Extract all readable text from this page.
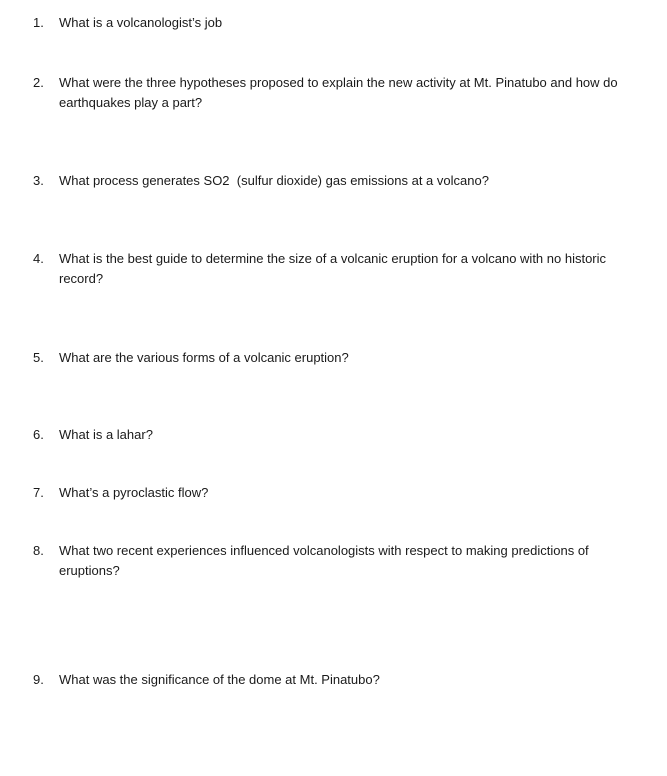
1.	What is a volcanologist’s job
2.	What were the three hypotheses proposed to explain the new activity at Mt. Pinatubo and how do earthquakes play a part?
3.	What process generates SO2  (sulfur dioxide) gas emissions at a volcano?
4.	What is the best guide to determine the size of a volcanic eruption for a volcano with no historic record?
5.	What are the various forms of a volcanic eruption?
6.	What is a lahar?
7.	What’s a pyroclastic flow?
8.	What two recent experiences influenced volcanologists with respect to making predictions of eruptions?
9.	What was the significance of the dome at Mt. Pinatubo?
